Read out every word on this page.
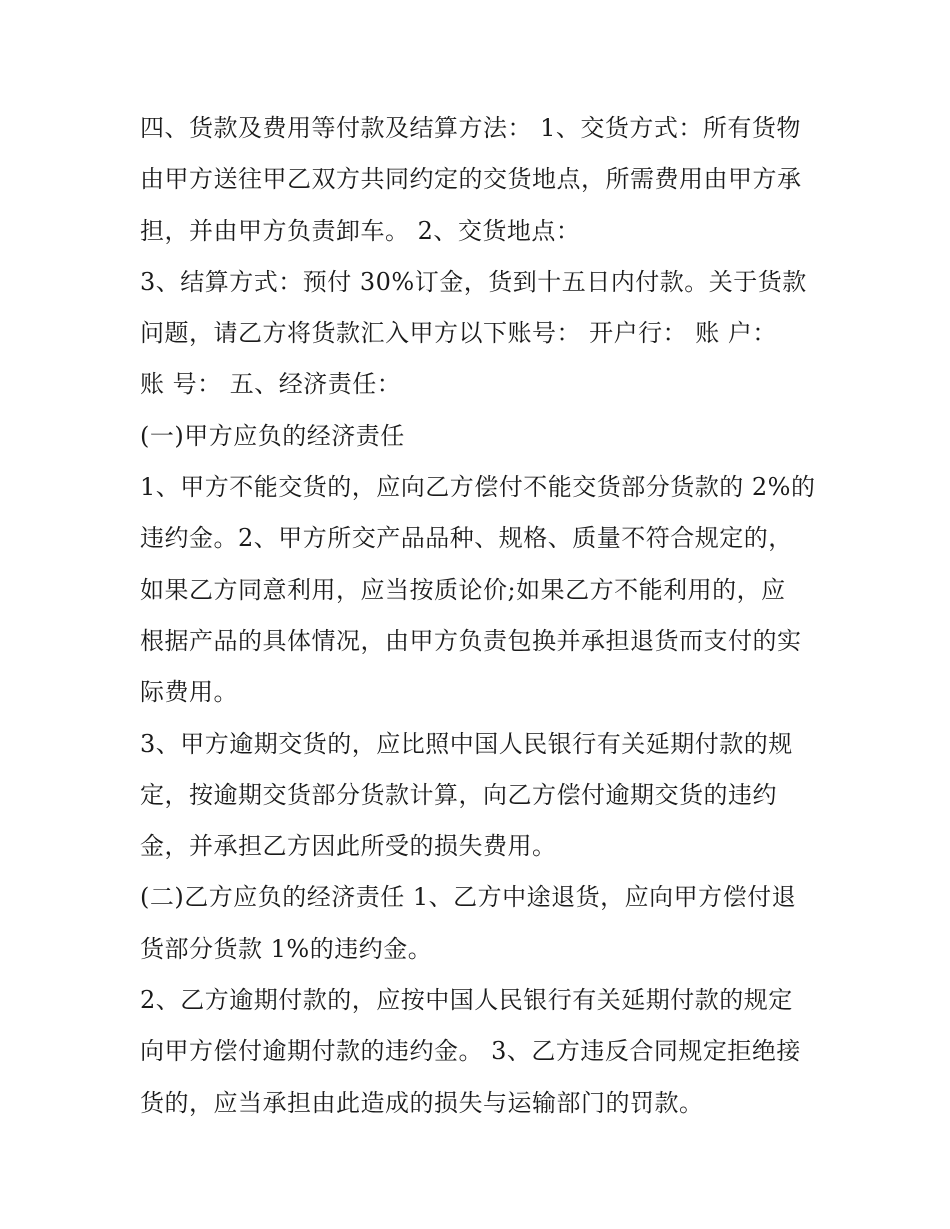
四、货款及费用等付款及结算方法： 1、交货方式：所有货物
由甲方送往甲乙双方共同约定的交货地点，所需费用由甲方承
担，并由甲方负责卸车。 2、交货地点：
3、结算方式：预付 30%订金，货到十五日内付款。关于货款
问题，请乙方将货款汇入甲方以下账号： 开户行： 账 户：
账 号： 五、经济责任：
(一)甲方应负的经济责任
1、甲方不能交货的，应向乙方偿付不能交货部分货款的 2%的
违约金。2、甲方所交产品品种、规格、质量不符合规定的，
如果乙方同意利用，应当按质论价;如果乙方不能利用的，应
根据产品的具体情况，由甲方负责包换并承担退货而支付的实
际费用。
3、甲方逾期交货的，应比照中国人民银行有关延期付款的规
定，按逾期交货部分货款计算，向乙方偿付逾期交货的违约
金，并承担乙方因此所受的损失费用。
(二)乙方应负的经济责任 1、乙方中途退货，应向甲方偿付退
货部分货款 1%的违约金。
2、乙方逾期付款的，应按中国人民银行有关延期付款的规定
向甲方偿付逾期付款的违约金。 3、乙方违反合同规定拒绝接
货的，应当承担由此造成的损失与运输部门的罚款。
